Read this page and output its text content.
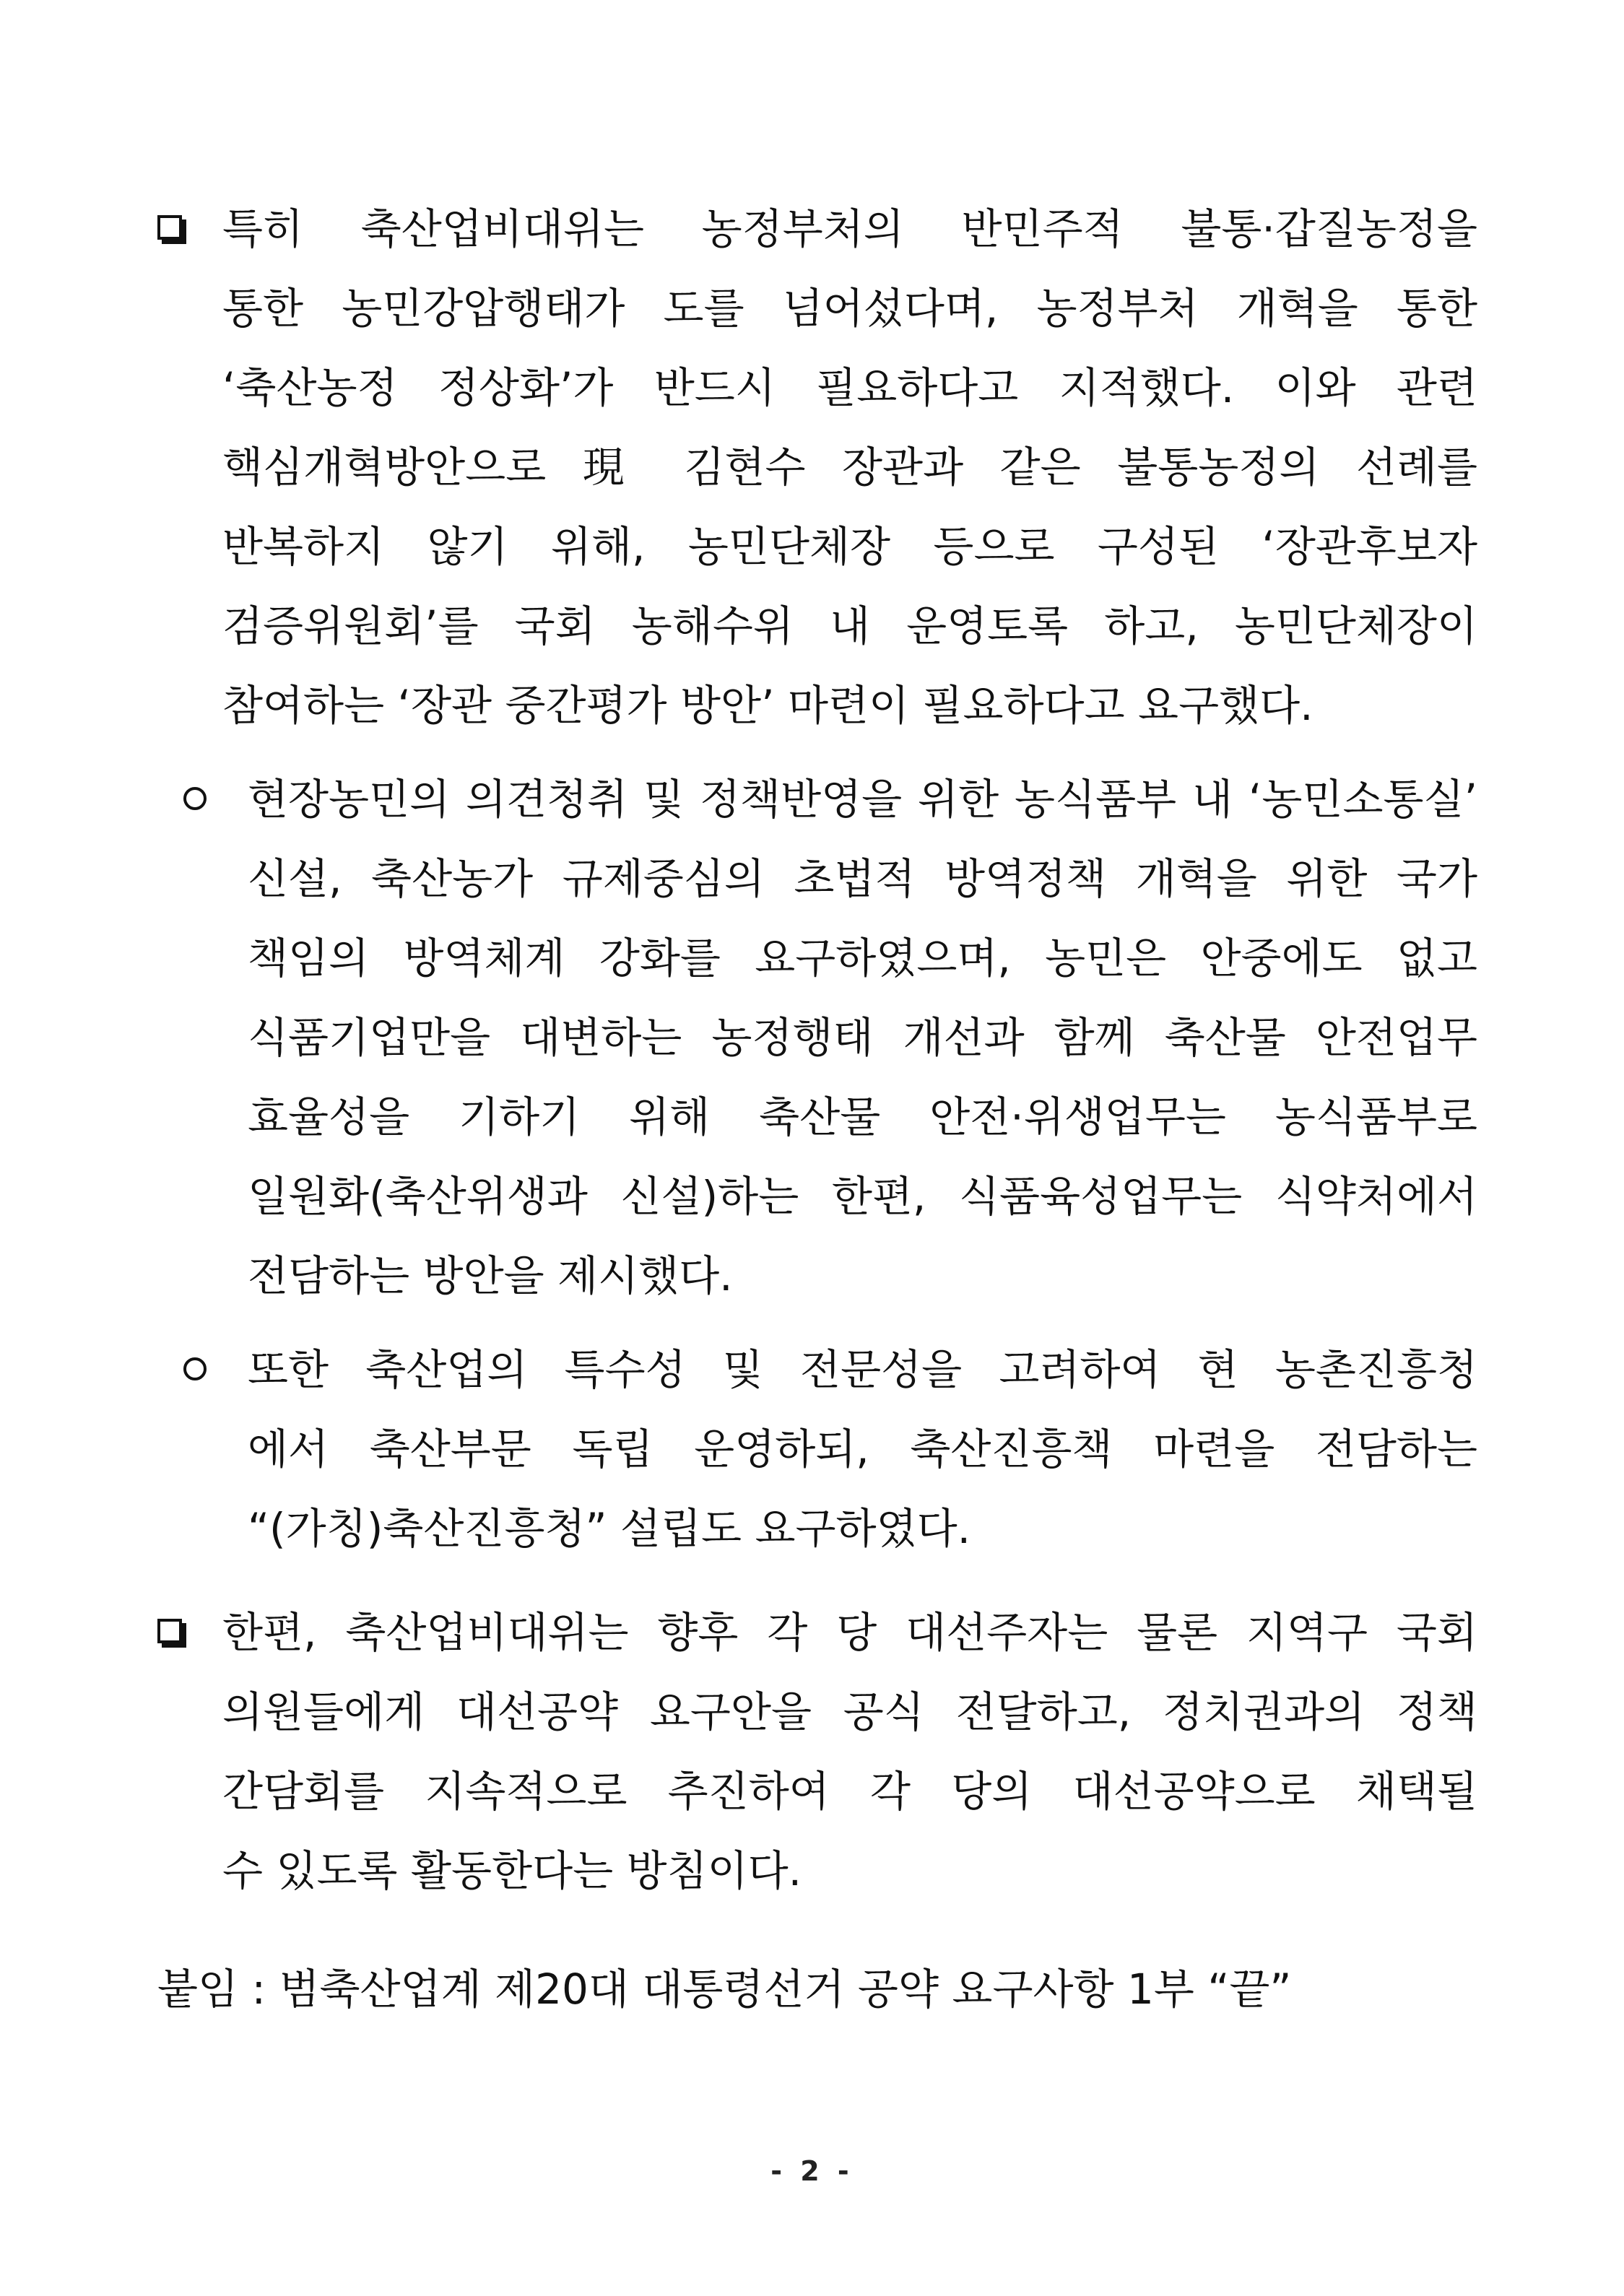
특히 축산업비대위는 농정부처의 반민주적 불통·갑질농정을
통한 농민강압행태가 도를 넘어섰다며, 농정부처 개혁을 통한
‘축산농정 정상화’가 반드시 필요하다고 지적했다. 이와 관련
핵심개혁방안으로 現 김현수 장관과 같은 불통농정의 선례를
반복하지 않기 위해, 농민단체장 등으로 구성된 ‘장관후보자
검증위원회’를 국회 농해수위 내 운영토록 하고, 농민단체장이
참여하는 ‘장관 중간평가 방안’ 마련이 필요하다고 요구했다.
현장농민의 의견청취 및 정책반영을 위한 농식품부 내 ‘농민소통실’
신설, 축산농가 규제중심의 초법적 방역정책 개혁을 위한 국가
책임의 방역체계 강화를 요구하였으며, 농민은 안중에도 없고
식품기업만을 대변하는 농정행태 개선과 함께 축산물 안전업무
효율성을 기하기 위해 축산물 안전·위생업무는 농식품부로
일원화(축산위생과 신설)하는 한편, 식품육성업무는 식약처에서
전담하는 방안을 제시했다.
또한 축산업의 특수성 및 전문성을 고려하여 현 농촌진흥청
에서 축산부문 독립 운영하되, 축산진흥책 마련을 전담하는
“(가칭)축산진흥청” 설립도 요구하였다.
한편, 축산업비대위는 향후 각 당 대선주자는 물론 지역구 국회
의원들에게 대선공약 요구안을 공식 전달하고, 정치권과의 정책
간담회를 지속적으로 추진하여 각 당의 대선공약으로 채택될
수 있도록 활동한다는 방침이다.
붙임 : 범축산업계 제20대 대통령선거 공약 요구사항 1부 “끝”
- 2 -
